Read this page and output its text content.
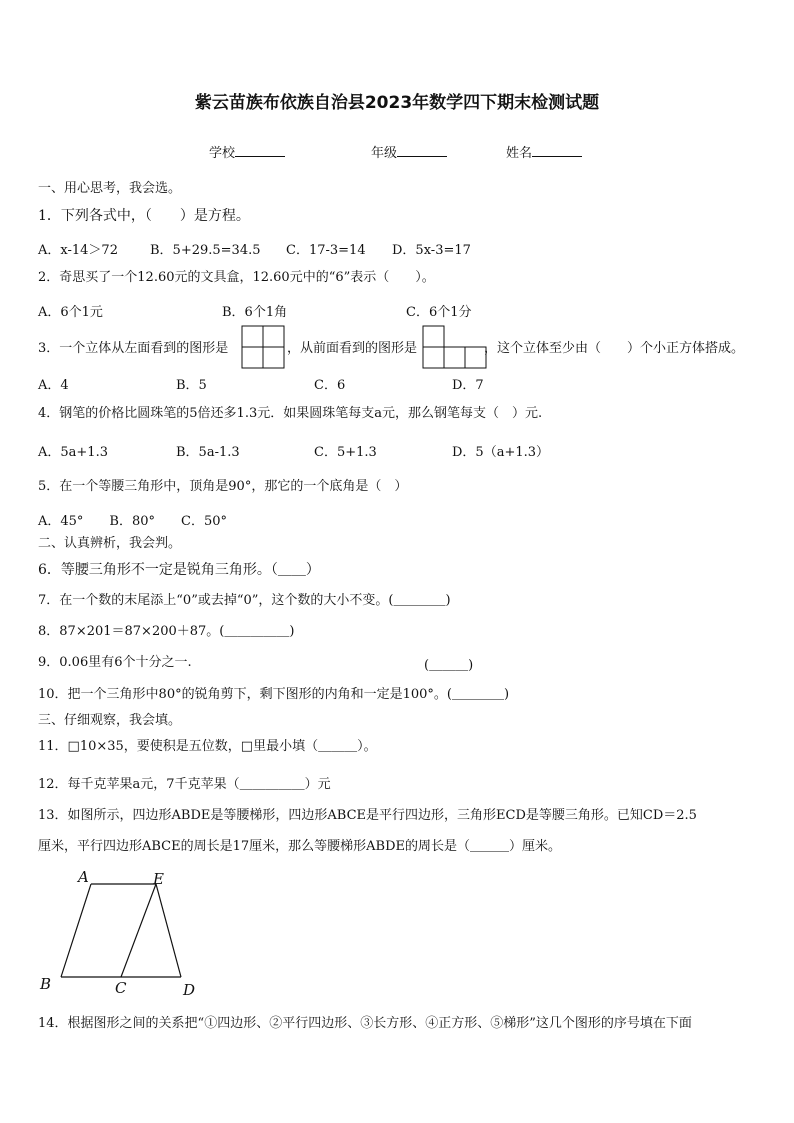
紫云苗族布依族自治县2023年数学四下期末检测试题
学校	年级	姓名
一、用心思考，我会选。
1．下列各式中，（　　）是方程。
A．x-14＞72 B．5+29.5=34.5 C．17-3=14 D．5x-3=17
2．奇思买了一个12.60元的文具盒，12.60元中的“6”表示（　　）。
A．6个1元	B．6个1角	C．6个1分
3．一个立体从左面看到的图形是	，从前面看到的图形是	，这个立体至少由（　　）个小正方体搭成。
A．4	B．5	C．6	D．7
4．钢笔的价格比圆珠笔的5倍还多1.3元．如果圆珠笔每支a元，那么钢笔每支（　）元.
A．5a+1.3	B．5a-1.3	C．5+1.3	D．5（a+1.3）
5．在一个等腰三角形中，顶角是90°，那它的一个底角是（　）
A．45°　　B．80°　　C．50°
二、认真辨析，我会判。
6．等腰三角形不一定是锐角三角形。（＿＿）
7．在一个数的末尾添上“0”或去掉“0”，这个数的大小不变。(＿＿＿＿)
8．87×201＝87×200＋87。(＿＿＿＿＿)
9．0.06里有6个十分之一.	(＿＿＿)
10．把一个三角形中80°的锐角剪下，剩下图形的内角和一定是100°。(＿＿＿＿)
三、仔细观察，我会填。
11．□10×35，要使积是五位数，□里最小填（＿＿＿）。
12．每千克苹果a元，7千克苹果（＿＿＿＿＿）元
13．如图所示，四边形ABDE是等腰梯形，四边形ABCE是平行四边形，三角形ECD是等腰三角形。已知CD＝2.5
厘米，平行四边形ABCE的周长是17厘米，那么等腰梯形ABDE的周长是（＿＿＿）厘米。
A	E
B	C	D
14．根据图形之间的关系把“①四边形、②平行四边形、③长方形、④正方形、⑤梯形”这几个图形的序号填在下面
